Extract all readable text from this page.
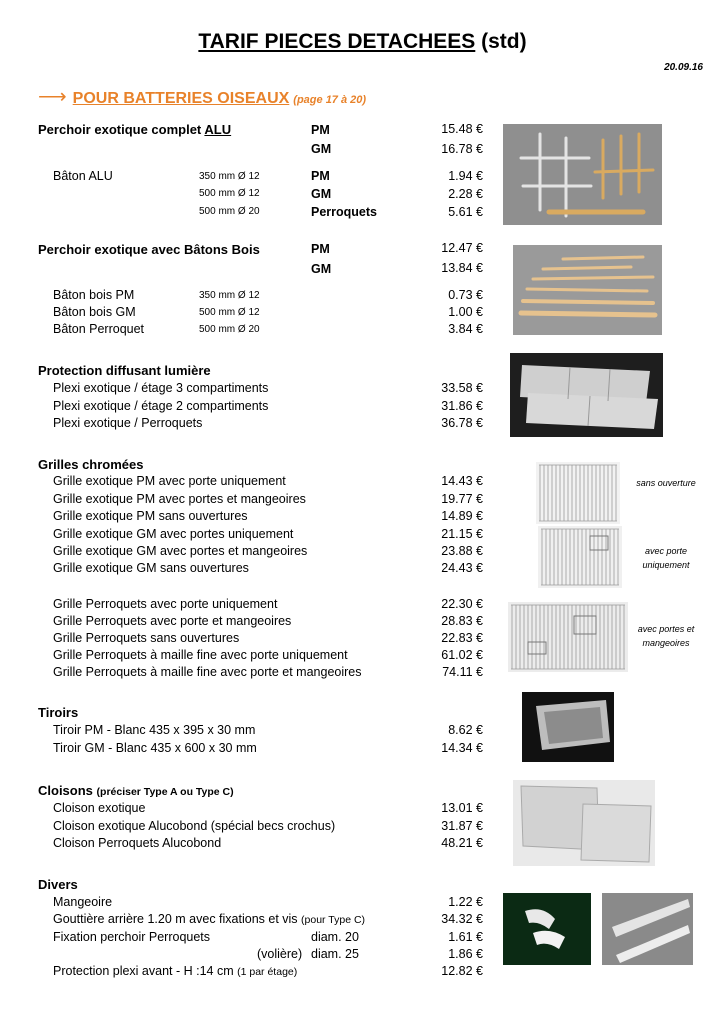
TARIF PIECES DETACHEES (std)
20.09.16
⟶ POUR BATTERIES OISEAUX (page 17 à 20)
Perchoir exotique complet ALU	PM	15.48 €
GM	16.78 €
Bâton ALU	350 mm Ø 12	PM	1.94 €
500 mm Ø 12	GM	2.28 €
500 mm Ø 20	Perroquets	5.61 €
Perchoir exotique avec Bâtons Bois	PM	12.47 €
GM	13.84 €
Bâton bois PM	350 mm Ø 12	0.73 €
Bâton bois GM	500 mm Ø 12	1.00 €
Bâton Perroquet	500 mm Ø 20	3.84 €
Protection diffusant lumière
Plexi exotique / étage 3 compartiments	33.58 €
Plexi exotique / étage 2 compartiments	31.86 €
Plexi exotique / Perroquets	36.78 €
Grilles chromées
Grille exotique PM avec porte uniquement	14.43 €
Grille exotique PM avec portes et mangeoires	19.77 €
Grille exotique PM sans ouvertures	14.89 €
Grille exotique GM avec portes uniquement	21.15 €
Grille exotique GM avec portes et mangeoires	23.88 €
Grille exotique GM sans ouvertures	24.43 €
Grille Perroquets avec porte uniquement	22.30 €
Grille Perroquets avec porte et mangeoires	28.83 €
Grille Perroquets sans ouvertures	22.83 €
Grille Perroquets à maille fine avec porte uniquement	61.02 €
Grille Perroquets à maille fine avec porte et mangeoires	74.11 €
sans ouverture
avec porte uniquement
avec portes et mangeoires
Tiroirs
Tiroir PM - Blanc 435 x 395 x 30 mm	8.62 €
Tiroir GM - Blanc 435 x 600 x 30 mm	14.34 €
Cloisons (préciser Type A ou Type C)
Cloison exotique	13.01 €
Cloison exotique Alucobond (spécial becs crochus)	31.87 €
Cloison Perroquets Alucobond	48.21 €
Divers
Mangeoire	1.22 €
Gouttière arrière 1.20 m avec fixations et vis (pour Type C)	34.32 €
Fixation perchoir Perroquets	diam. 20	1.61 €
(volière) diam. 25	1.86 €
Protection plexi avant - H :14 cm (1 par étage)	12.82 €
